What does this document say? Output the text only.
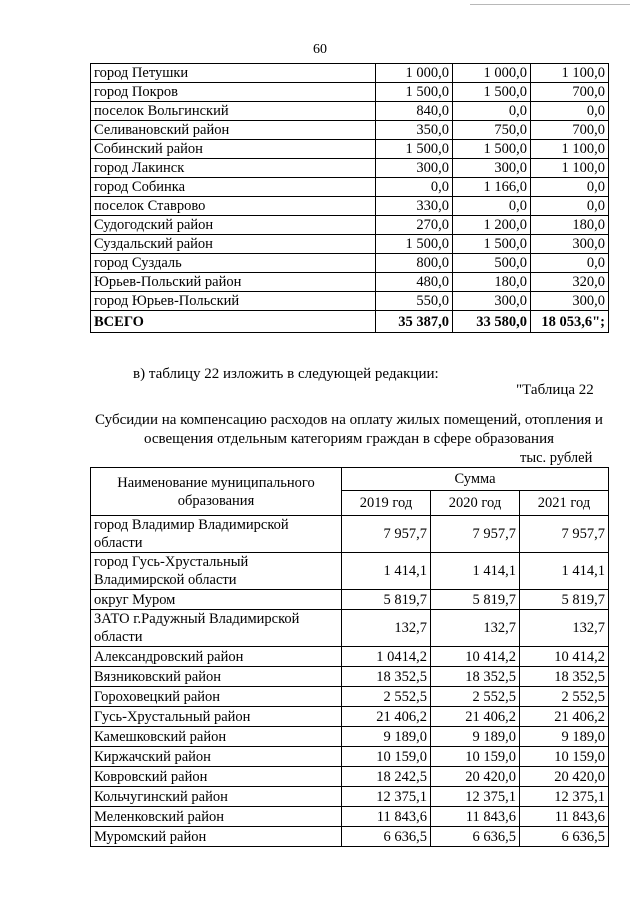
60
город Петушки	1 000,0	1 000,0	1 100,0
город Покров	1 500,0	1 500,0	700,0
поселок Вольгинский	840,0	0,0	0,0
Селивановский район	350,0	750,0	700,0
Собинский район	1 500,0	1 500,0	1 100,0
город Лакинск	300,0	300,0	1 100,0
город Собинка	0,0	1 166,0	0,0
поселок Ставрово	330,0	0,0	0,0
Судогодский район	270,0	1 200,0	180,0
Суздальский район	1 500,0	1 500,0	300,0
город Суздаль	800,0	500,0	0,0
Юрьев-Польский район	480,0	180,0	320,0
город Юрьев-Польский	550,0	300,0	300,0
ВСЕГО	35 387,0	33 580,0	18 053,6";
в) таблицу 22 изложить в следующей редакции:
"Таблица 22
Субсидии на компенсацию расходов на оплату жилых помещений, отопления и освещения отдельным категориям граждан в сфере образования
тыс. рублей
Наименование муниципального образования	Сумма		
	2019 год	2020 год	2021 год
город Владимир Владимирской области	7 957,7	7 957,7	7 957,7
город Гусь-Хрустальный Владимирской области	1 414,1	1 414,1	1 414,1
округ Муром	5 819,7	5 819,7	5 819,7
ЗАТО г.Радужный Владимирской области	132,7	132,7	132,7
Александровский район	1 0414,2	10 414,2	10 414,2
Вязниковский район	18 352,5	18 352,5	18 352,5
Гороховецкий район	2 552,5	2 552,5	2 552,5
Гусь-Хрустальный район	21 406,2	21 406,2	21 406,2
Камешковский район	9 189,0	9 189,0	9 189,0
Киржачский район	10 159,0	10 159,0	10 159,0
Ковровский район	18 242,5	20 420,0	20 420,0
Кольчугинский район	12 375,1	12 375,1	12 375,1
Меленковский район	11 843,6	11 843,6	11 843,6
Муромский район	6 636,5	6 636,5	6 636,5
